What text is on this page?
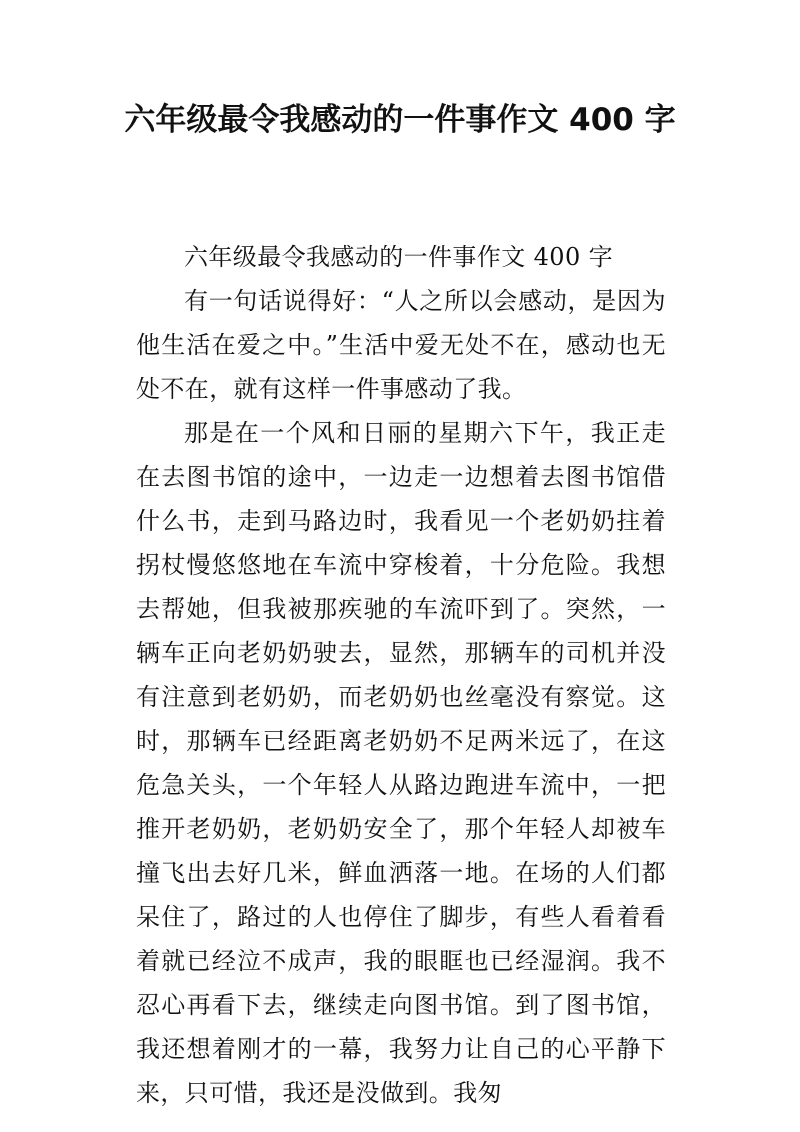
六年级最令我感动的一件事作文 400 字

六年级最令我感动的一件事作文 400 字

有一句话说得好：“人之所以会感动，是因为他生活在爱之中。”生活中爱无处不在，感动也无处不在，就有这样一件事感动了我。

那是在一个风和日丽的星期六下午，我正走在去图书馆的途中，一边走一边想着去图书馆借什么书，走到马路边时，我看见一个老奶奶拄着拐杖慢悠悠地在车流中穿梭着，十分危险。我想去帮她，但我被那疾驰的车流吓到了。突然，一辆车正向老奶奶驶去，显然，那辆车的司机并没有注意到老奶奶，而老奶奶也丝毫没有察觉。这时，那辆车已经距离老奶奶不足两米远了，在这危急关头，一个年轻人从路边跑进车流中，一把推开老奶奶，老奶奶安全了，那个年轻人却被车撞飞出去好几米，鲜血洒落一地。在场的人们都呆住了，路过的人也停住了脚步，有些人看着看着就已经泣不成声，我的眼眶也已经湿润。我不忍心再看下去，继续走向图书馆。到了图书馆，我还想着刚才的一幕，我努力让自己的心平静下来，只可惜，我还是没做到。我匆
